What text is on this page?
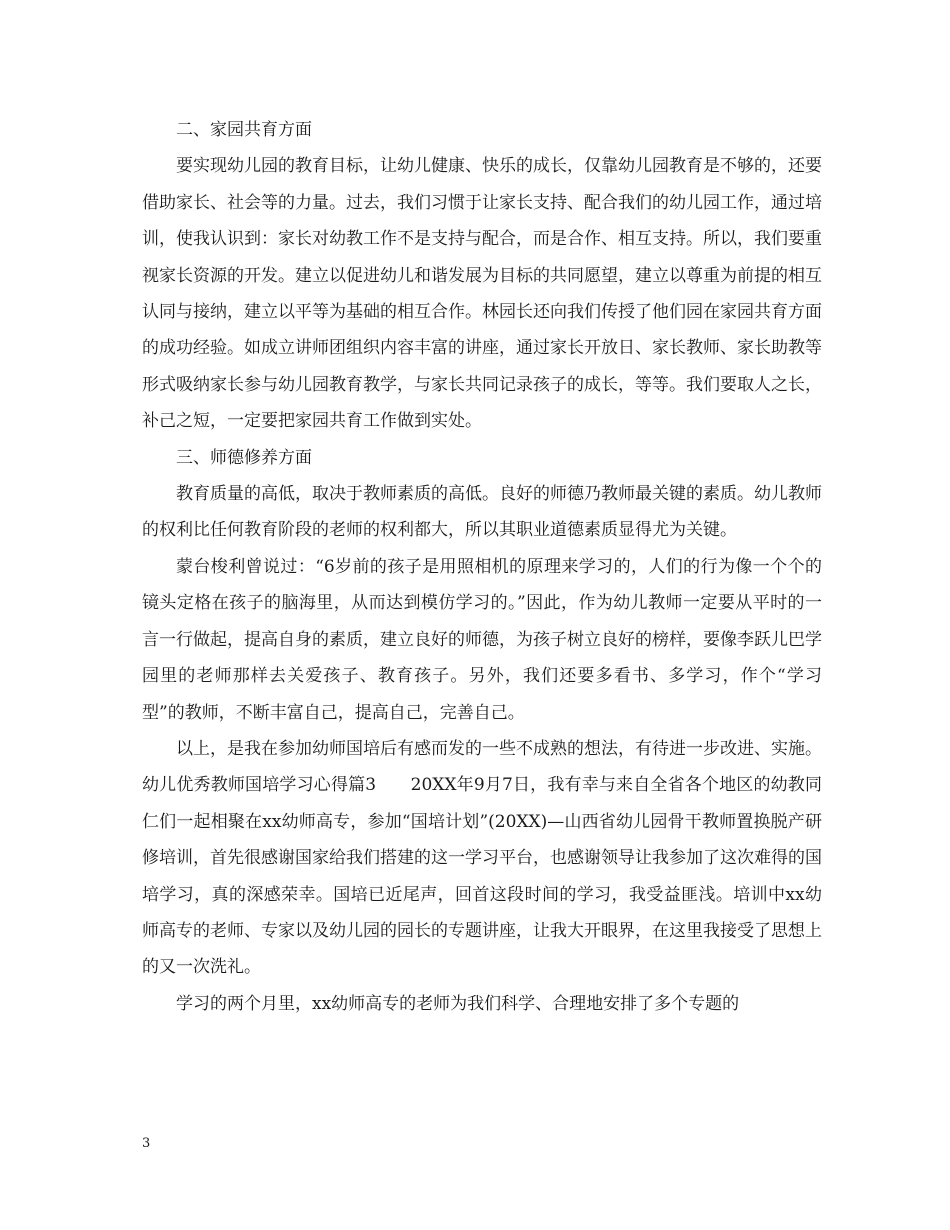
二、家园共育方面

要实现幼儿园的教育目标，让幼儿健康、快乐的成长，仅靠幼儿园教育是不够的，还要借助家长、社会等的力量。过去，我们习惯于让家长支持、配合我们的幼儿园工作，通过培训，使我认识到：家长对幼教工作不是支持与配合，而是合作、相互支持。所以，我们要重视家长资源的开发。建立以促进幼儿和谐发展为目标的共同愿望，建立以尊重为前提的相互认同与接纳，建立以平等为基础的相互合作。林园长还向我们传授了他们园在家园共育方面的成功经验。如成立讲师团组织内容丰富的讲座，通过家长开放日、家长教师、家长助教等形式吸纳家长参与幼儿园教育教学，与家长共同记录孩子的成长，等等。我们要取人之长，补己之短，一定要把家园共育工作做到实处。

三、师德修养方面

教育质量的高低，取决于教师素质的高低。良好的师德乃教师最关键的素质。幼儿教师的权利比任何教育阶段的老师的权利都大，所以其职业道德素质显得尤为关键。

蒙台梭利曾说过：“6岁前的孩子是用照相机的原理来学习的，人们的行为像一个个的镜头定格在孩子的脑海里，从而达到模仿学习的。”因此，作为幼儿教师一定要从平时的一言一行做起，提高自身的素质，建立良好的师德，为孩子树立良好的榜样，要像李跃儿巴学园里的老师那样去关爱孩子、教育孩子。另外，我们还要多看书、多学习，作个“学习型”的教师，不断丰富自己，提高自己，完善自己。

以上，是我在参加幼师国培后有感而发的一些不成熟的想法，有待进一步改进、实施。

幼儿优秀教师国培学习心得篇3　　20XX年9月7日，我有幸与来自全省各个地区的幼教同仁们一起相聚在xx幼师高专，参加“国培计划”(20XX)—山西省幼儿园骨干教师置换脱产研修培训，首先很感谢国家给我们搭建的这一学习平台，也感谢领导让我参加了这次难得的国培学习，真的深感荣幸。国培已近尾声，回首这段时间的学习，我受益匪浅。培训中xx幼师高专的老师、专家以及幼儿园的园长的专题讲座，让我大开眼界，在这里我接受了思想上的又一次洗礼。

学习的两个月里，xx幼师高专的老师为我们科学、合理地安排了多个专题的

3
